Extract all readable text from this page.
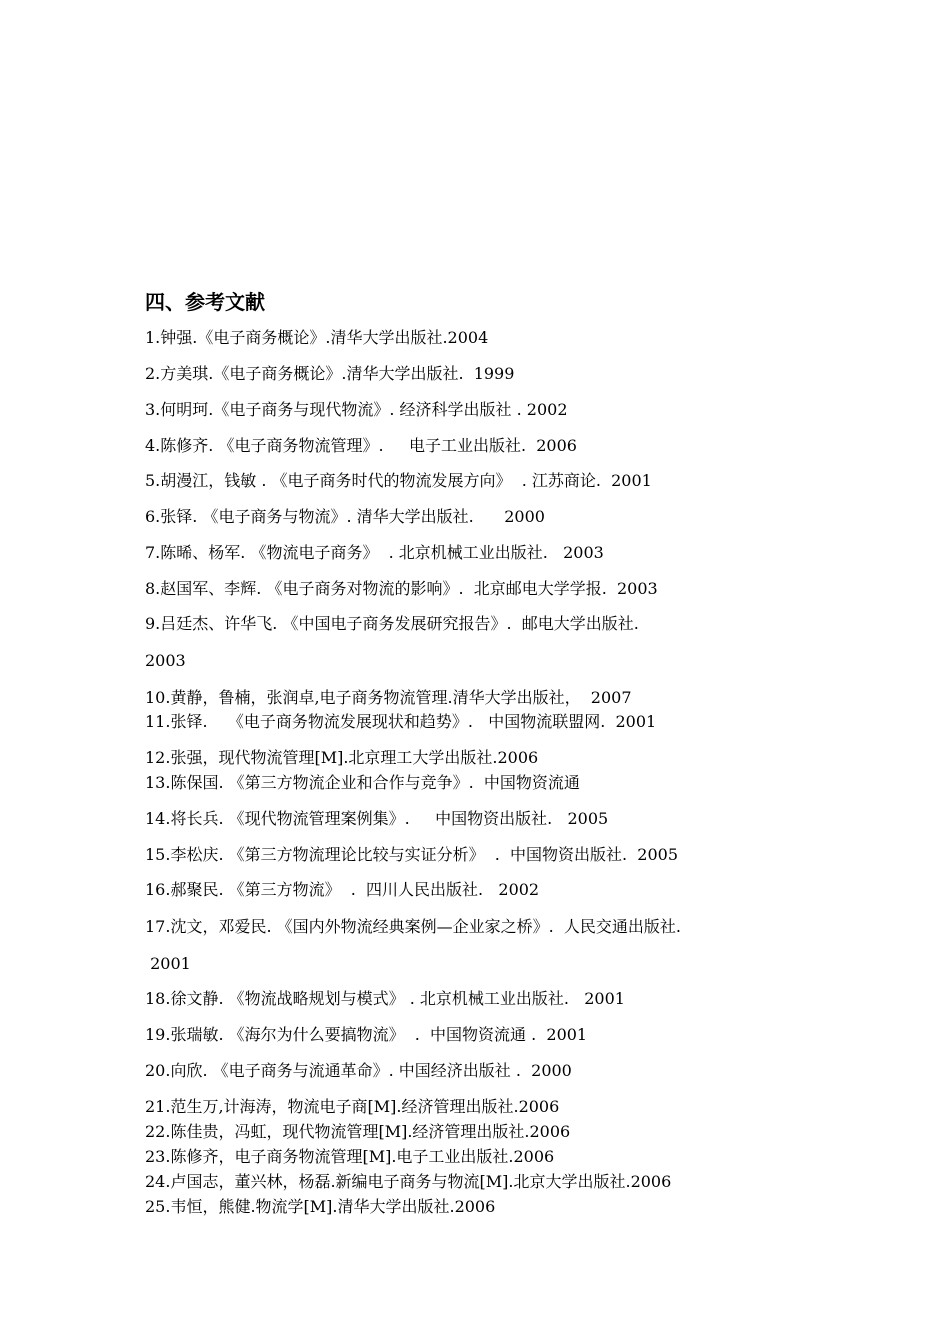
四、参考文献
1.钟强.《电子商务概论》.清华大学出版社.2004
2.方美琪.《电子商务概论》.清华大学出版社.  1999
3.何明珂.《电子商务与现代物流》. 经济科学出版社 . 2002
4.陈修齐. 《电子商务物流管理》.     电子工业出版社.  2006
5.胡漫江，钱敏 . 《电子商务时代的物流发展方向》  . 江苏商论.  2001
6.张铎. 《电子商务与物流》. 清华大学出版社.      2000
7.陈晞、杨军. 《物流电子商务》  . 北京机械工业出版社.   2003
8.赵国军、李辉. 《电子商务对物流的影响》.  北京邮电大学学报.  2003
9.吕廷杰、许华飞. 《中国电子商务发展研究报告》.  邮电大学出版社.
2003
10.黄静，鲁楠，张润卓,电子商务物流管理.清华大学出版社，  2007
11.张铎.    《电子商务物流发展现状和趋势》.   中国物流联盟网.  2001
12.张强，现代物流管理[M].北京理工大学出版社.2006
13.陈保国. 《第三方物流企业和合作与竞争》.  中国物资流通
14.将长兵. 《现代物流管理案例集》.     中国物资出版社.   2005
15.李松庆. 《第三方物流理论比较与实证分析》  .  中国物资出版社.  2005
16.郝聚民. 《第三方物流》  .  四川人民出版社.   2002
17.沈文，邓爱民. 《国内外物流经典案例—企业家之桥》.  人民交通出版社.
2001
18.徐文静. 《物流战略规划与模式》 . 北京机械工业出版社.   2001
19.张瑞敏. 《海尔为什么要搞物流》  .  中国物资流通 .  2001
20.向欣. 《电子商务与流通革命》. 中国经济出版社 .  2000
21.范生万,计海涛，物流电子商[M].经济管理出版社.2006
22.陈佳贵，冯虹，现代物流管理[M].经济管理出版社.2006
23.陈修齐，电子商务物流管理[M].电子工业出版社.2006
24.卢国志，董兴林，杨磊.新编电子商务与物流[M].北京大学出版社.2006
25.韦恒，熊健.物流学[M].清华大学出版社.2006
